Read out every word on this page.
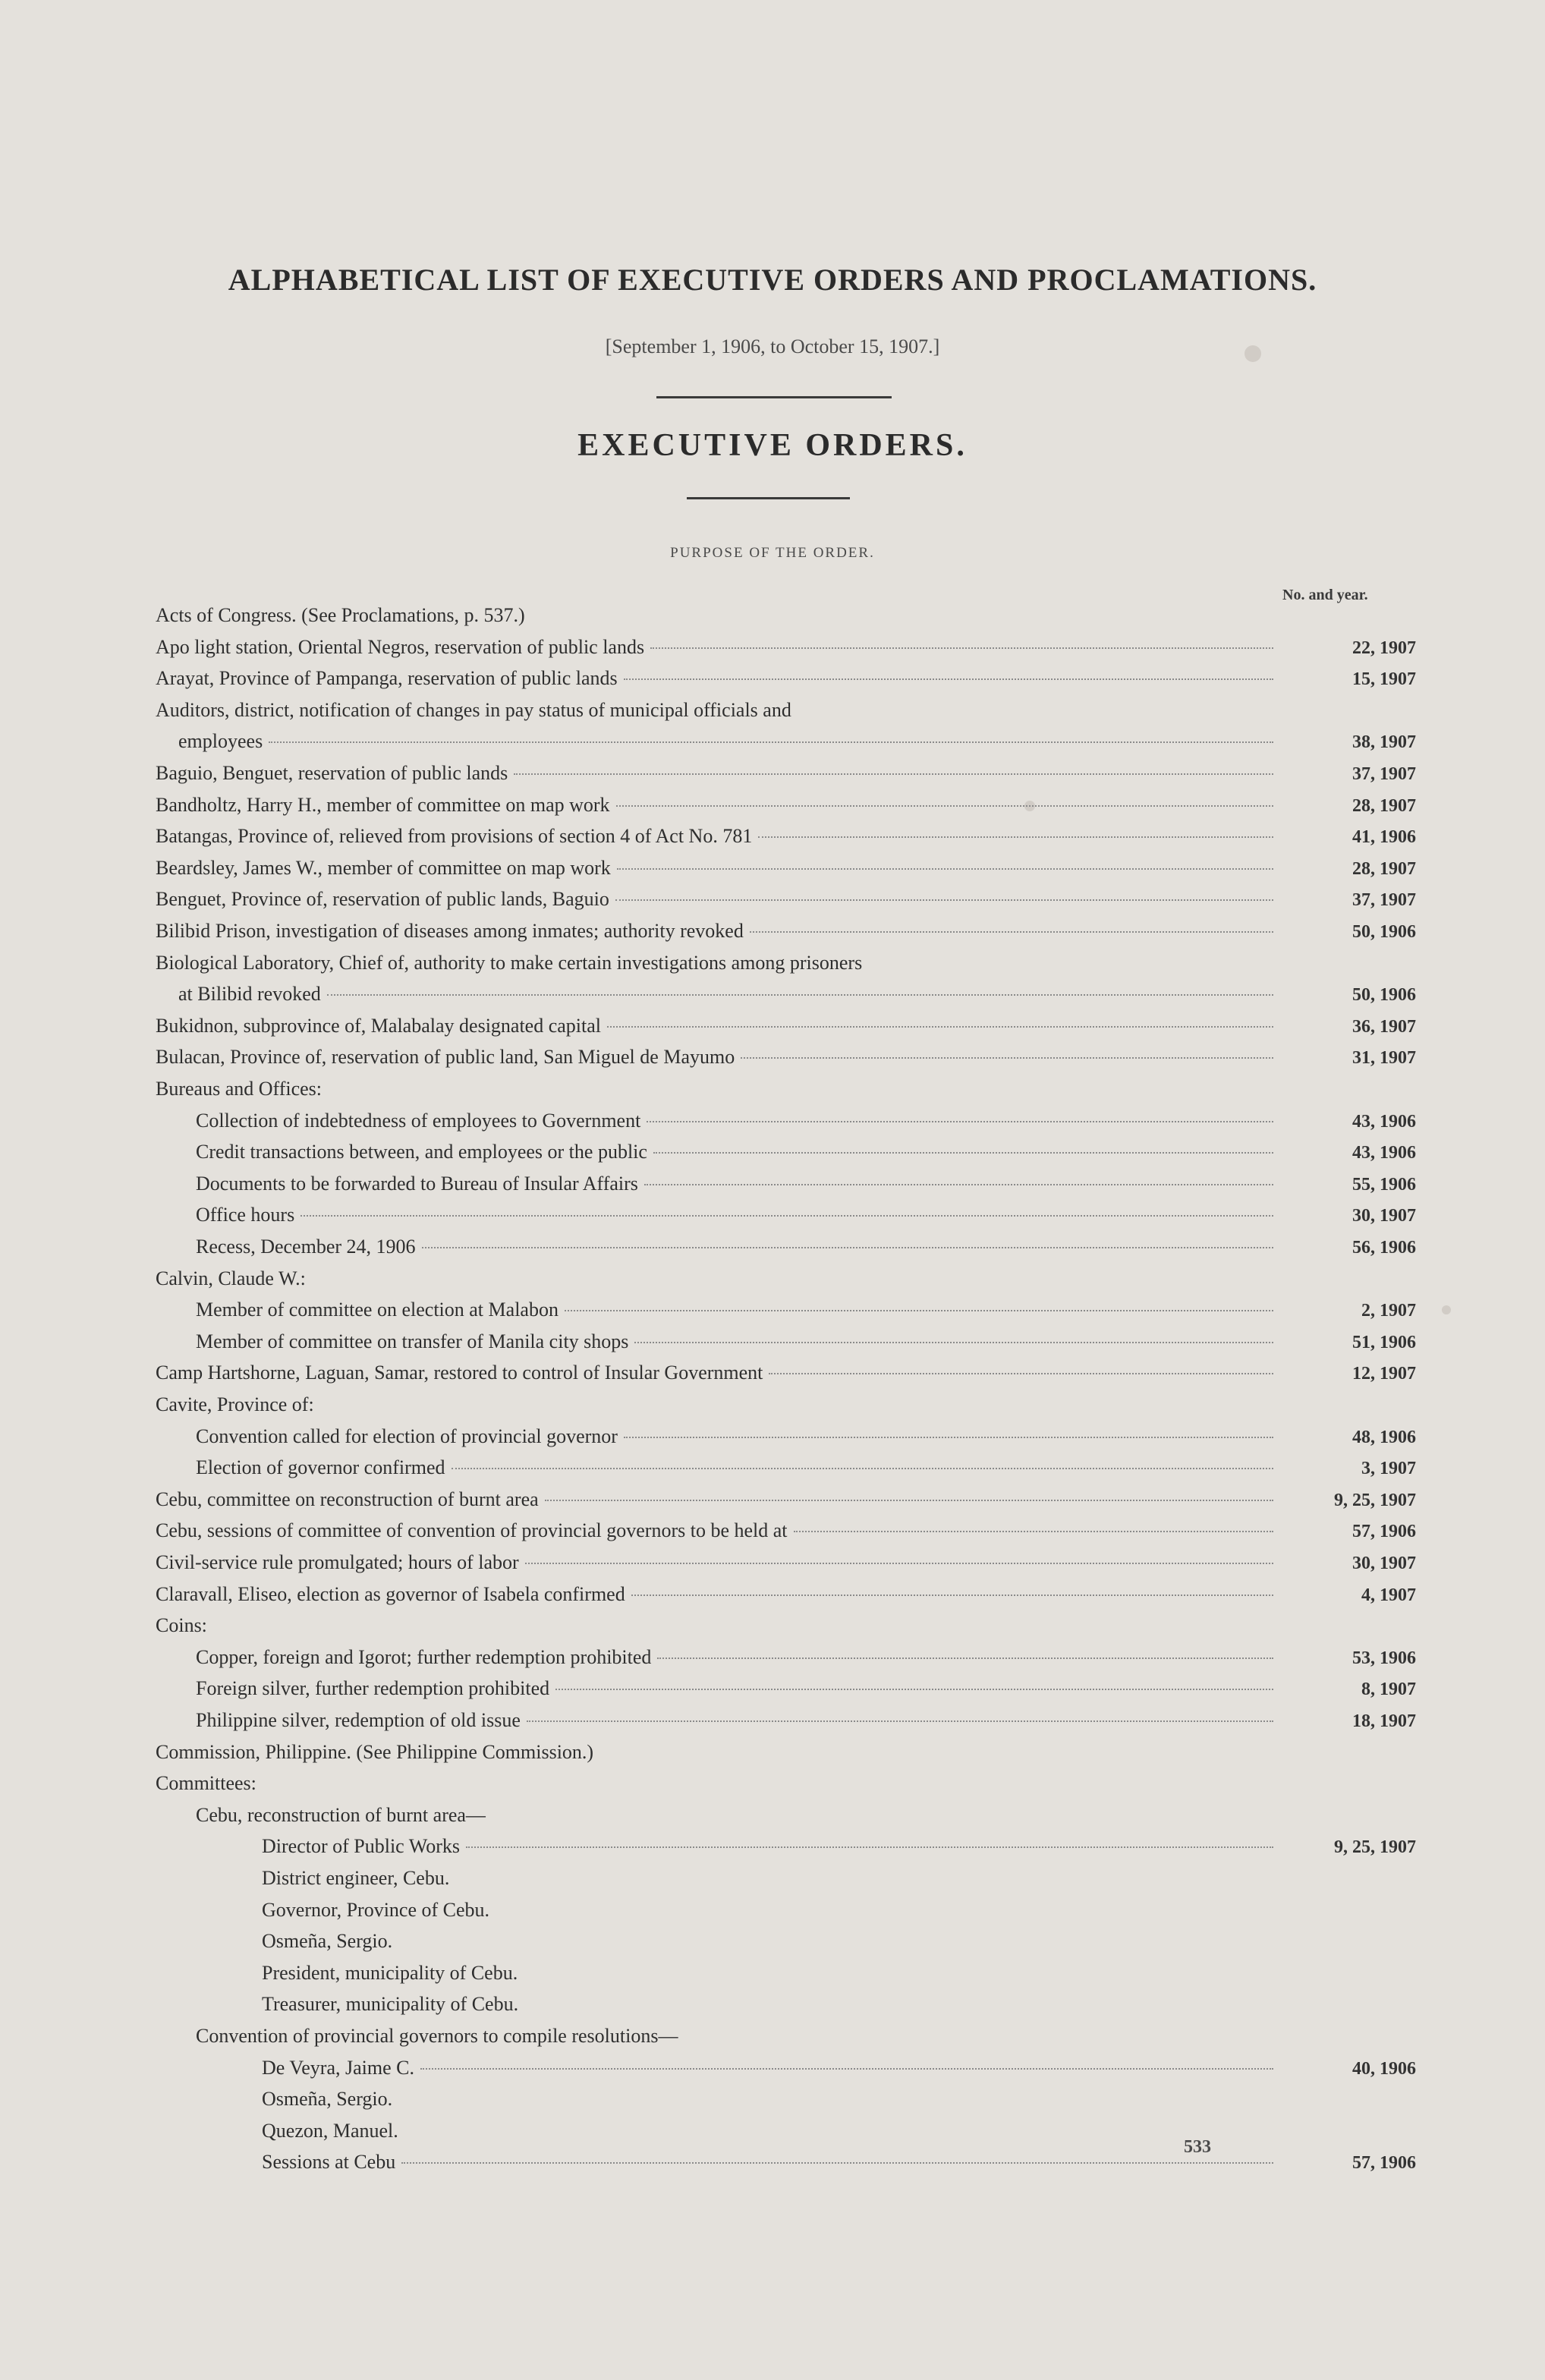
ALPHABETICAL LIST OF EXECUTIVE ORDERS AND PROCLAMATIONS.
[September 1, 1906, to October 15, 1907.]
EXECUTIVE ORDERS.
PURPOSE OF THE ORDER.
No. and year.
Acts of Congress. (See Proclamations, p. 537.)
Apo light station, Oriental Negros, reservation of public lands	22, 1907
Arayat, Province of Pampanga, reservation of public lands	15, 1907
Auditors, district, notification of changes in pay status of municipal officials and
employees	38, 1907
Baguio, Benguet, reservation of public lands	37, 1907
Bandholtz, Harry H., member of committee on map work	28, 1907
Batangas, Province of, relieved from provisions of section 4 of Act No. 781	41, 1906
Beardsley, James W., member of committee on map work	28, 1907
Benguet, Province of, reservation of public lands, Baguio	37, 1907
Bilibid Prison, investigation of diseases among inmates; authority revoked	50, 1906
Biological Laboratory, Chief of, authority to make certain investigations among prisoners
at Bilibid revoked	50, 1906
Bukidnon, subprovince of, Malabalay designated capital	36, 1907
Bulacan, Province of, reservation of public land, San Miguel de Mayumo	31, 1907
Bureaus and Offices:
Collection of indebtedness of employees to Government	43, 1906
Credit transactions between, and employees or the public	43, 1906
Documents to be forwarded to Bureau of Insular Affairs	55, 1906
Office hours	30, 1907
Recess, December 24, 1906	56, 1906
Calvin, Claude W.:
Member of committee on election at Malabon	2, 1907
Member of committee on transfer of Manila city shops	51, 1906
Camp Hartshorne, Laguan, Samar, restored to control of Insular Government	12, 1907
Cavite, Province of:
Convention called for election of provincial governor	48, 1906
Election of governor confirmed	3, 1907
Cebu, committee on reconstruction of burnt area	9, 25, 1907
Cebu, sessions of committee of convention of provincial governors to be held at	57, 1906
Civil-service rule promulgated; hours of labor	30, 1907
Claravall, Eliseo, election as governor of Isabela confirmed	4, 1907
Coins:
Copper, foreign and Igorot; further redemption prohibited	53, 1906
Foreign silver, further redemption prohibited	8, 1907
Philippine silver, redemption of old issue	18, 1907
Commission, Philippine. (See Philippine Commission.)
Committees:
Cebu, reconstruction of burnt area—
Director of Public Works	9, 25, 1907
District engineer, Cebu.
Governor, Province of Cebu.
Osmeña, Sergio.
President, municipality of Cebu.
Treasurer, municipality of Cebu.
Convention of provincial governors to compile resolutions—
De Veyra, Jaime C.	40, 1906
Osmeña, Sergio.
Quezon, Manuel.
Sessions at Cebu	57, 1906
533
